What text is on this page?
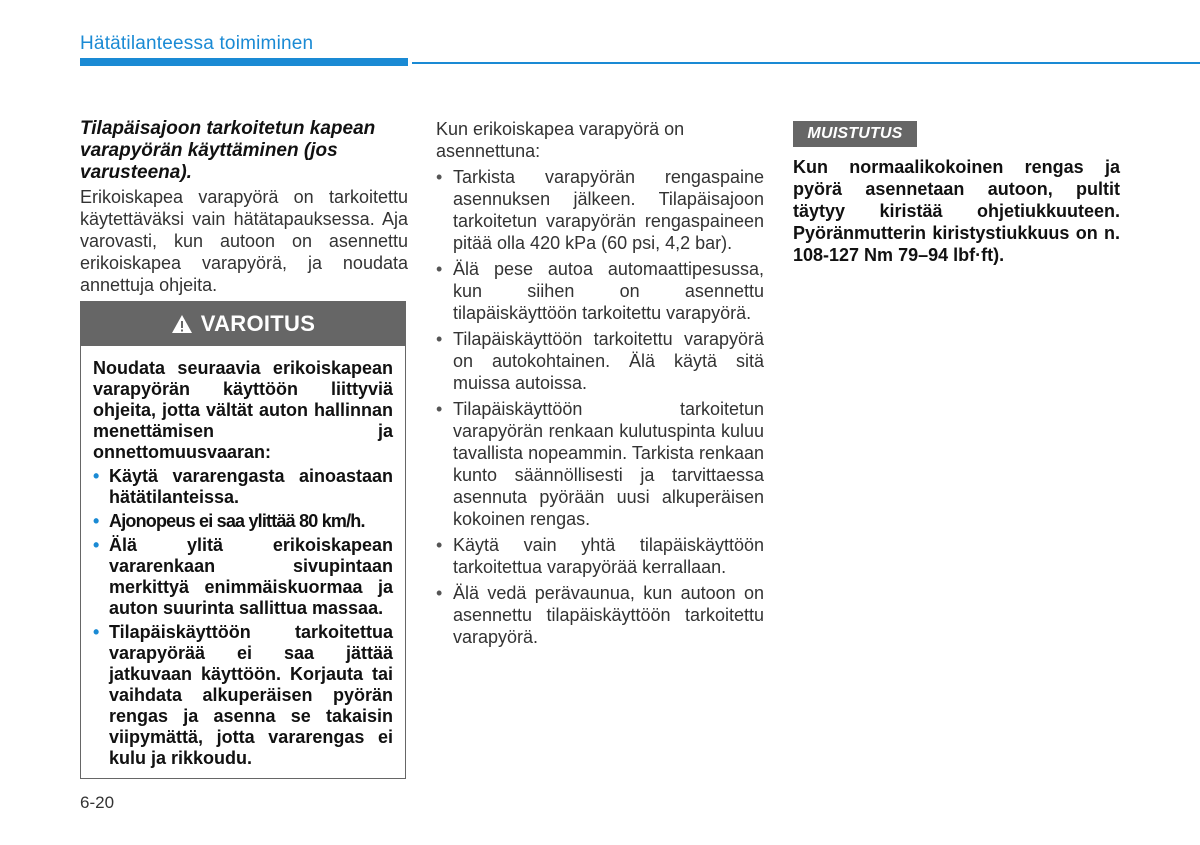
Hätätilanteessa toimiminen

Tilapäisajoon tarkoitetun kapean varapyörän käyttäminen (jos varusteena).

Erikoiskapea varapyörä on tarkoitettu käytettäväksi vain hätätapauksessa. Aja varovasti, kun autoon on asennettu erikoiskapea varapyörä, ja noudata annettuja ohjeita.

VAROITUS

Noudata seuraavia erikoiskapean varapyörän käyttöön liittyviä ohjeita, jotta vältät auton hallinnan menettämisen ja onnettomuusvaaran:

• Käytä vararengasta ainoastaan hätätilanteissa.
• Ajonopeus ei saa ylittää 80 km/h.
• Älä ylitä erikoiskapean vararenkaan sivupintaan merkittyä enimmäiskuormaa ja auton suurinta sallittua massaa.
• Tilapäiskäyttöön tarkoitettua varapyörää ei saa jättää jatkuvaan käyttöön. Korjauta tai vaihdata alkuperäisen pyörän rengas ja asenna se takaisin viipymättä, jotta vararengas ei kulu ja rikkoudu.

Kun erikoiskapea varapyörä on asennettuna:

• Tarkista varapyörän rengaspaine asennuksen jälkeen. Tilapäisajoon tarkoitetun varapyörän rengaspaineen pitää olla 420 kPa (60 psi, 4,2 bar).
• Älä pese autoa automaattipesussa, kun siihen on asennettu tilapäiskäyttöön tarkoitettu varapyörä.
• Tilapäiskäyttöön tarkoitettu varapyörä on autokohtainen. Älä käytä sitä muissa autoissa.
• Tilapäiskäyttöön tarkoitetun varapyörän renkaan kulutuspinta kuluu tavallista nopeammin. Tarkista renkaan kunto säännöllisesti ja tarvittaessa asennuta pyörään uusi alkuperäisen kokoinen rengas.
• Käytä vain yhtä tilapäiskäyttöön tarkoitettua varapyörää kerrallaan.
• Älä vedä perävaunua, kun autoon on asennettu tilapäiskäyttöön tarkoitettu varapyörä.
MUISTUTUS

Kun normaalikokoinen rengas ja pyörä asennetaan autoon, pultit täytyy kiristää ohjetiukkuuteen. Pyöränmutterin kiristystiukkuus on n. 108-127 Nm 79–94 lbf·ft).

6-20
